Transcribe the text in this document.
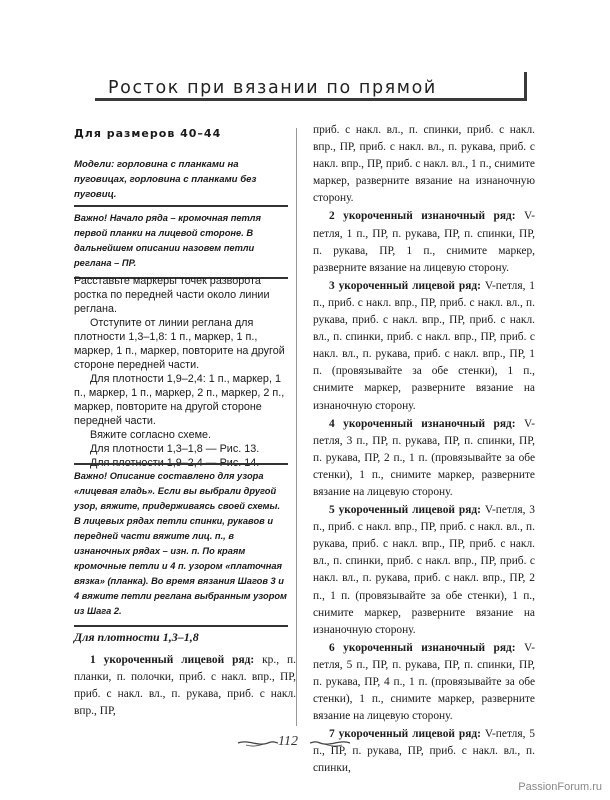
Росток при вязании по прямой
Для размеров 40–44
Модели: горловина с планками на пуговицах, горловина с планками без пуговиц.
Важно! Начало ряда – кромочная петля первой планки на лицевой стороне. В дальнейшем описании назовем петли реглана – ПР.

Расставьте маркеры точек разворота ростка по передней части около линии реглана.

Отступите от линии реглана для плотности 1,3–1,8: 1 п., маркер, 1 п., маркер, 1 п., маркер, повторите на другой стороне передней части.

Для плотности 1,9–2,4: 1 п., маркер, 1 п., маркер, 1 п., маркер, 2 п., маркер, 2 п., маркер, повторите на другой стороне передней части.

Вяжите согласно схеме.

Для плотности 1,3–1,8 — Рис. 13.

Для плотности 1,9–2,4 — Рис. 14.

Важно! Описание составлено для узора «лицевая гладь». Если вы выбрали другой узор, вяжите, придерживаясь своей схемы. В лицевых рядах петли спинки, рукавов и передней части вяжите лиц. п., в изнаночных рядах – изн. п. По краям кромочные петли и 4 п. узором «платочная вязка» (планка). Во время вязания Шагов 3 и 4 вяжите петли реглана выбранным узором из Шага 2.
Для плотности 1,3–1,8

1 укороченный лицевой ряд: кр., п. планки, п. полочки, приб. с накл. впр., ПР, приб. с накл. вл., п. рукава, приб. с накл. впр., ПР,

приб. с накл. вл., п. спинки, приб. с накл. впр., ПР, приб. с накл. вл., п. рукава, приб. с накл. впр., ПР, приб. с накл. вл., 1 п., снимите маркер, разверните вязание на изнаночную сторону.

2 укороченный изнаночный ряд: V-петля, 1 п., ПР, п. рукава, ПР, п. спинки, ПР, п. рукава, ПР, 1 п., снимите маркер, разверните вязание на лицевую сторону.

3 укороченный лицевой ряд: V-петля, 1 п., приб. с накл. впр., ПР, приб. с накл. вл., п. рукава, приб. с накл. впр., ПР, приб. с накл. вл., п. спинки, приб. с накл. впр., ПР, приб. с накл. вл., п. рукава, приб. с накл. впр., ПР, 1 п. (провязывайте за обе стенки), 1 п., снимите маркер, разверните вязание на изнаночную сторону.

4 укороченный изнаночный ряд: V-петля, 3 п., ПР, п. рукава, ПР, п. спинки, ПР, п. рукава, ПР, 2 п., 1 п. (провязывайте за обе стенки), 1 п., снимите маркер, разверните вязание на лицевую сторону.

5 укороченный лицевой ряд: V-петля, 3 п., приб. с накл. впр., ПР, приб. с накл. вл., п. рукава, приб. с накл. впр., ПР, приб. с накл. вл., п. спинки, приб. с накл. впр., ПР, приб. с накл. вл., п. рукава, приб. с накл. впр., ПР, 2 п., 1 п. (провязывайте за обе стенки), 1 п., снимите маркер, разверните вязание на изнаночную сторону.

6 укороченный изнаночный ряд: V-петля, 5 п., ПР, п. рукава, ПР, п. спинки, ПР, п. рукава, ПР, 4 п., 1 п. (провязывайте за обе стенки), 1 п., снимите маркер, разверните вязание на лицевую сторону.

7 укороченный лицевой ряд: V-петля, 5 п., ПР, п. рукава, ПР, приб. с накл. вл., п. спинки,

112
PassionForum.ru
